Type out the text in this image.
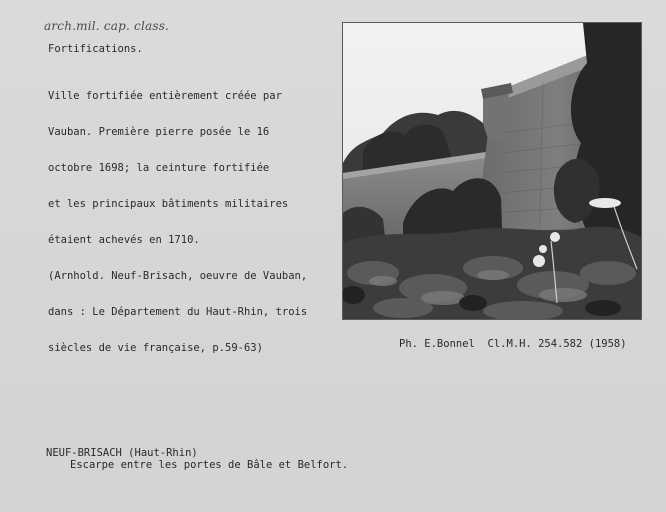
arch.mil. cap. class.
Fortifications.

Ville fortifiée entièrement créée par

Vauban. Première pierre posée le 16

octobre 1698; la ceinture fortifiée

et les principaux bâtiments militaires

étaient achevés en 1710.

(Arnhold. Neuf-Brisach, oeuvre de Vauban,

dans : Le Département du Haut-Rhin, trois

siècles de vie française, p.59-63)

	Ph. E.Bonnel  Cl.M.H. 254.582 (1958)
NEUF-BRISACH (Haut-Rhin)
Escarpe entre les portes de Bâle et Belfort.
